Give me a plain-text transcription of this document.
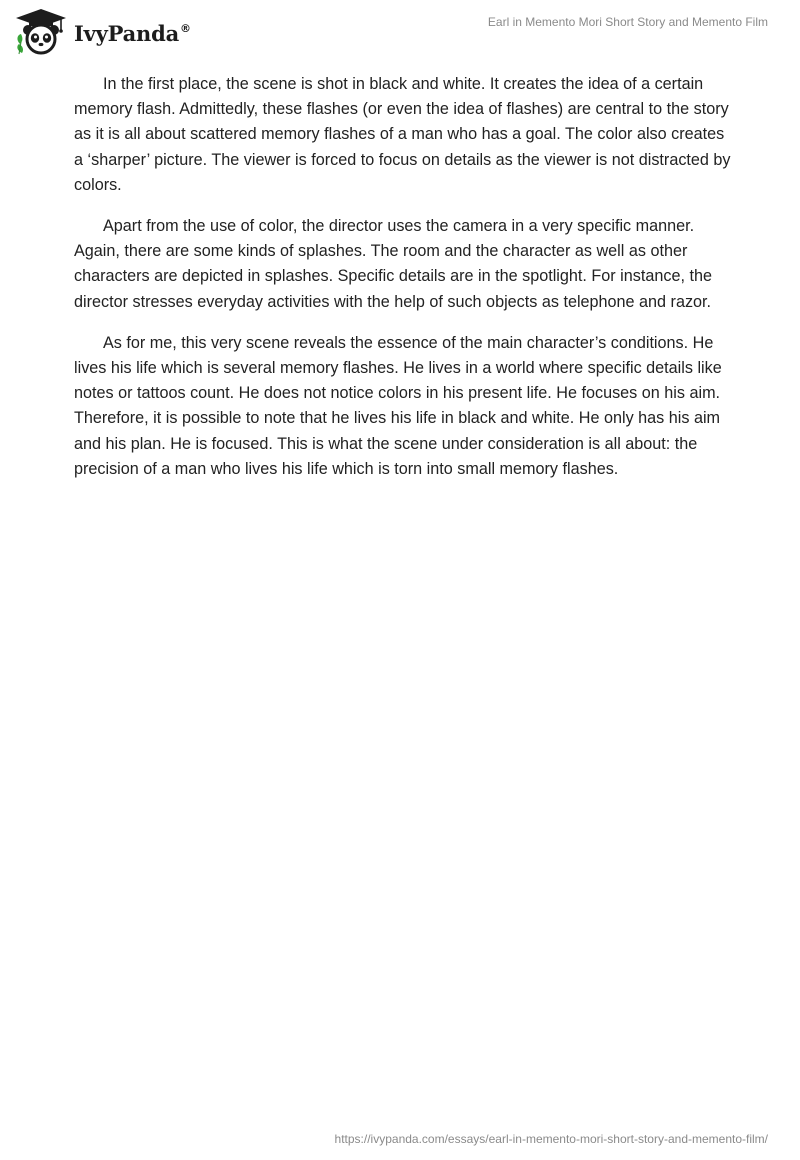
IvyPanda®	Earl in Memento Mori Short Story and Memento Film

In the first place, the scene is shot in black and white. It creates the idea of a certain memory flash. Admittedly, these flashes (or even the idea of flashes) are central to the story as it is all about scattered memory flashes of a man who has a goal. The color also creates a ‘sharper’ picture. The viewer is forced to focus on details as the viewer is not distracted by colors.

Apart from the use of color, the director uses the camera in a very specific manner. Again, there are some kinds of splashes. The room and the character as well as other characters are depicted in splashes. Specific details are in the spotlight. For instance, the director stresses everyday activities with the help of such objects as telephone and razor.

As for me, this very scene reveals the essence of the main character’s conditions. He lives his life which is several memory flashes. He lives in a world where specific details like notes or tattoos count. He does not notice colors in his present life. He focuses on his aim. Therefore, it is possible to note that he lives his life in black and white. He only has his aim and his plan. He is focused. This is what the scene under consideration is all about: the precision of a man who lives his life which is torn into small memory flashes.

https://ivypanda.com/essays/earl-in-memento-mori-short-story-and-memento-film/
